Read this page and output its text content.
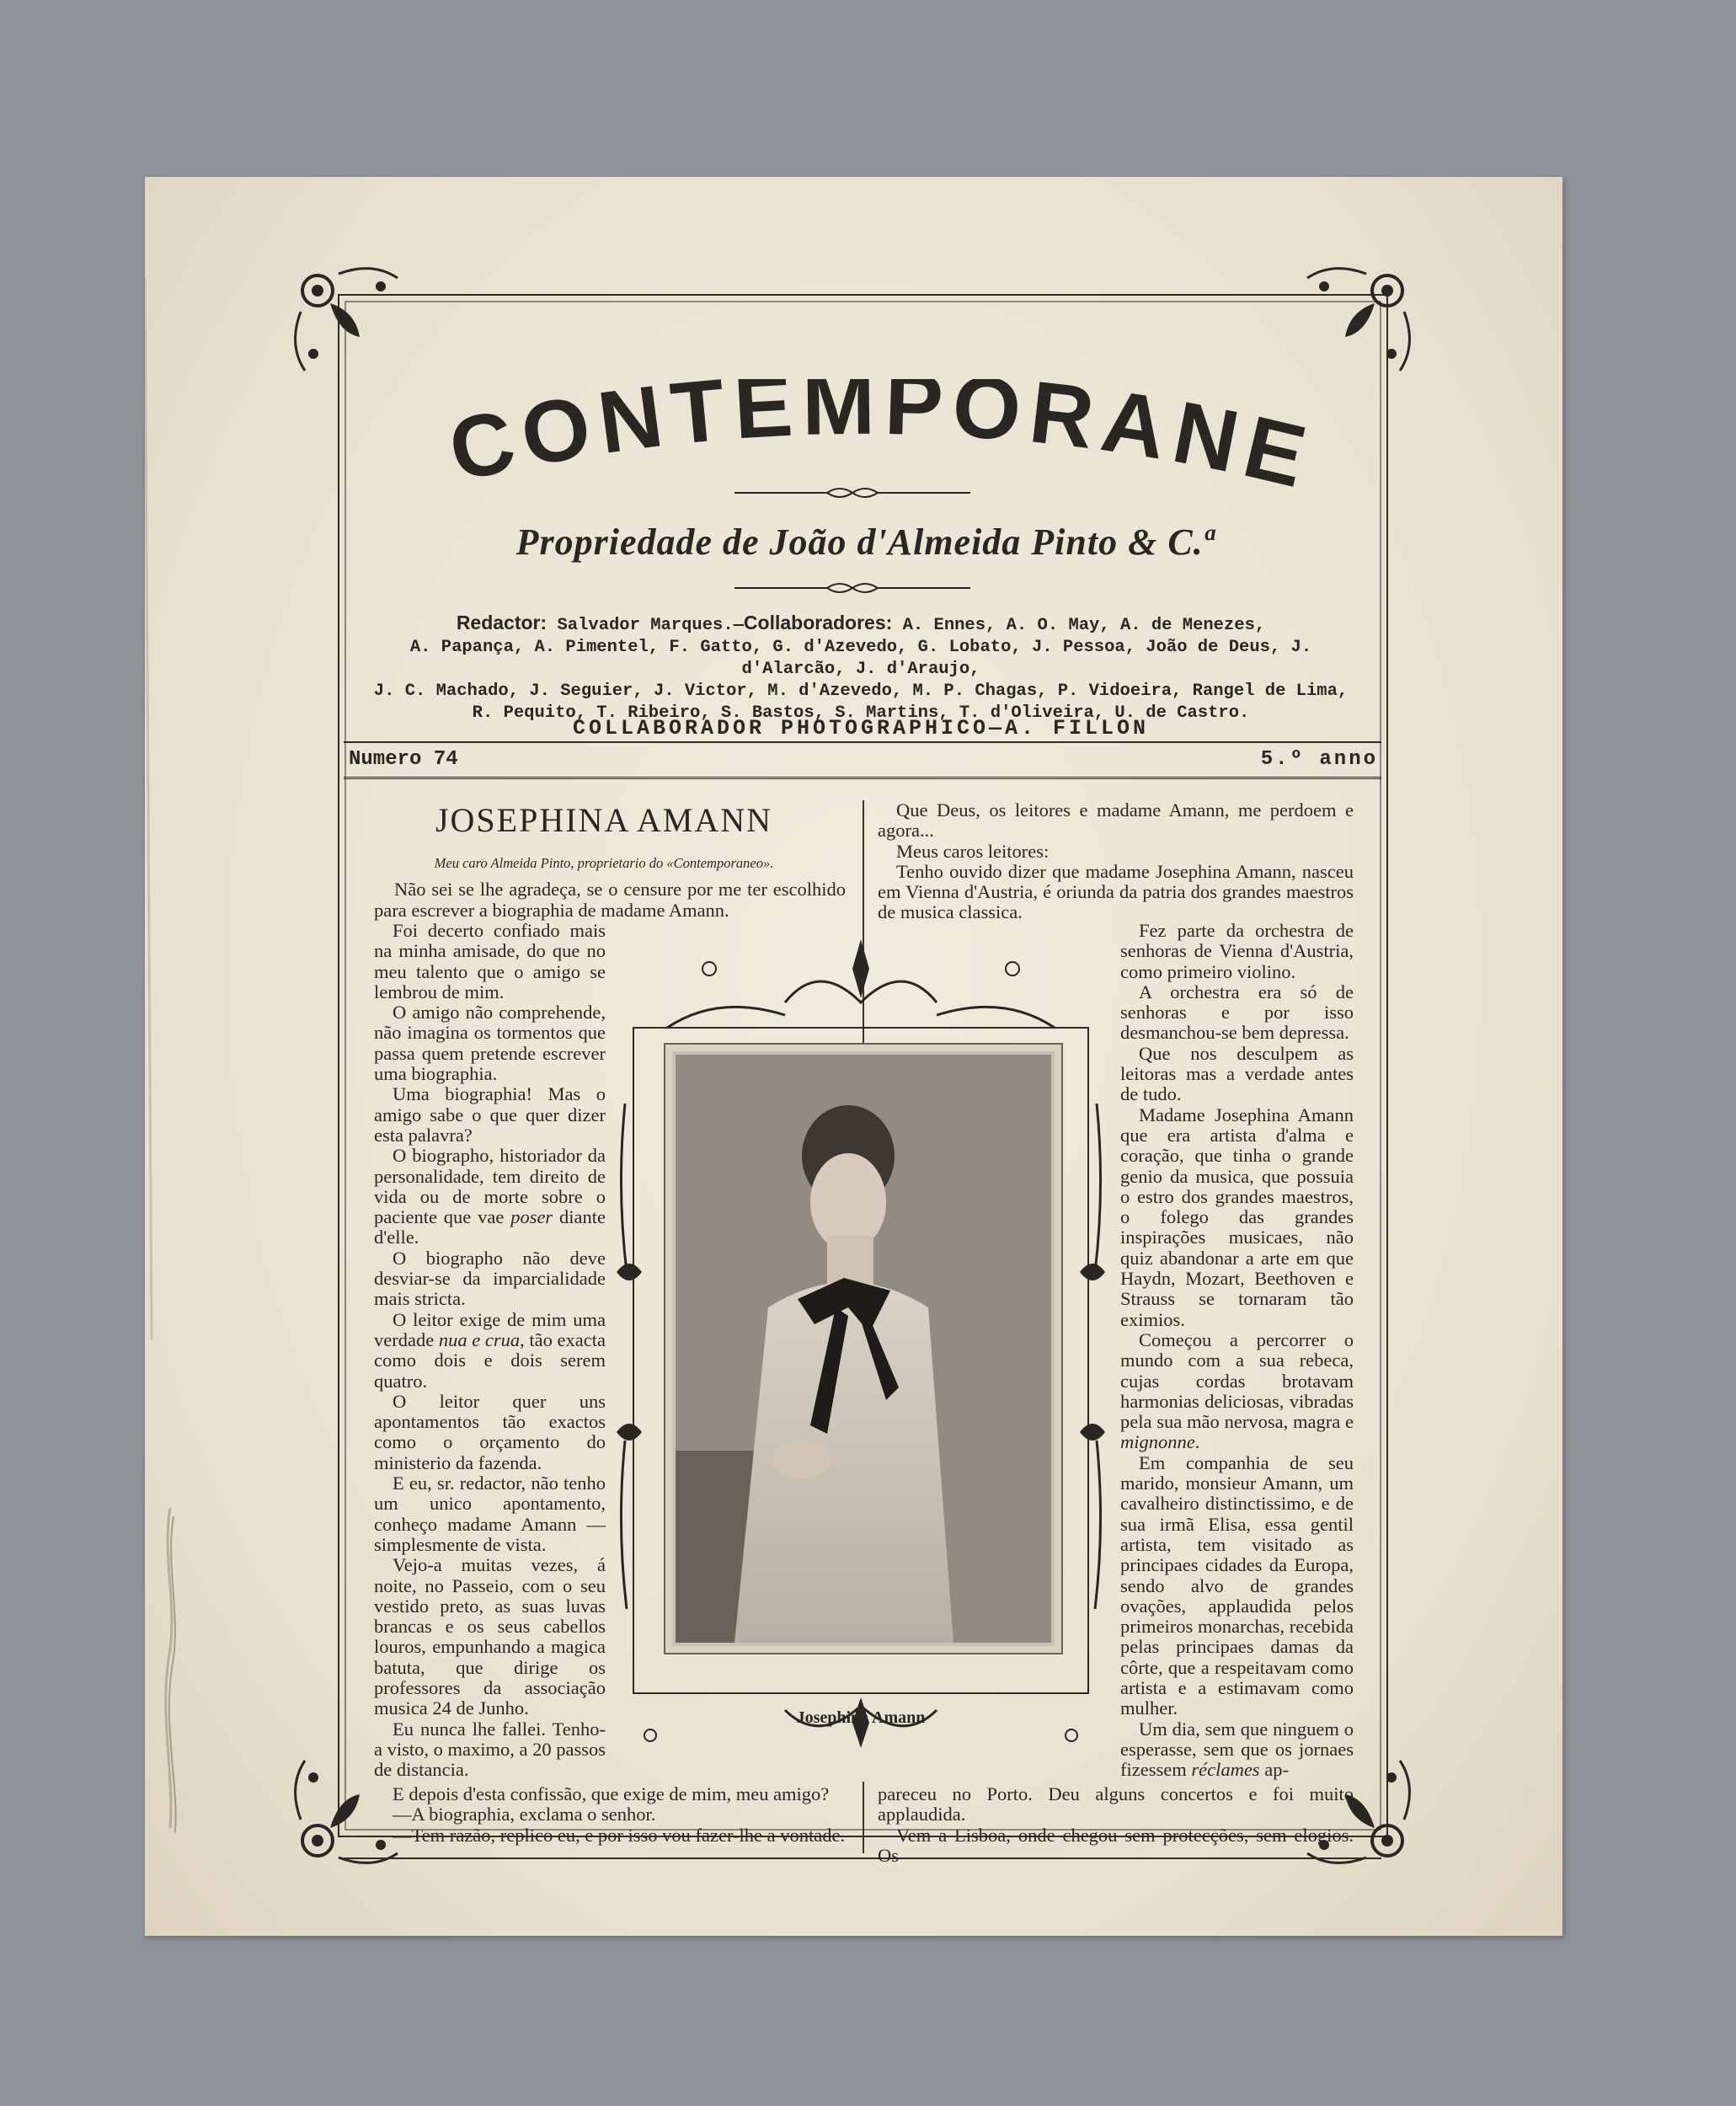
CONTEMPORANE
Propriedade de João d'Almeida Pinto & C.ª
Redactor: Salvador Marques.—Collaboradores: A. Ennes, A. O. May, A. de Menezes,
A. Papança, A. Pimentel, F. Gatto, G. d'Azevedo, G. Lobato, J. Pessoa, João de Deus, J. d'Alarcão, J. d'Araujo,
J. C. Machado, J. Seguier, J. Victor, M. d'Azevedo, M. P. Chagas, P. Vidoeira, Rangel de Lima,
R. Pequito, T. Ribeiro, S. Bastos, S. Martins, T. d'Oliveira, U. de Castro.
COLLABORADOR PHOTOGRAPHICO—A. FILLON
Numero 74	5.º anno
JOSEPHINA AMANN
Meu caro Almeida Pinto, proprietario do «Contemporaneo».

Não sei se lhe agradeça, se o censure por me ter escolhido para escrever a biographia de madame Amann.

Foi decerto confiado mais na minha amisade, do que no meu talento que o amigo se lembrou de mim.

O amigo não comprehende, não imagina os tormentos que passa quem pretende escrever uma biographia.

Uma biographia! Mas o amigo sabe o que quer dizer esta palavra?

O biographo, historiador da personalidade, tem direito de vida ou de morte sobre o paciente que vae poser diante d'elle.

O biographo não deve desviar-se da imparcialidade mais stricta.

O leitor exige de mim uma verdade nua e crua, tão exacta como dois e dois serem quatro.

O leitor quer uns apontamentos tão exactos como o orçamento do ministerio da fazenda.

E eu, sr. redactor, não tenho um unico apontamento, conheço madame Amann — simplesmente de vista.

Vejo-a muitas vezes, á noite, no Passeio, com o seu vestido preto, as suas luvas brancas e os seus cabellos louros, empunhando a magica batuta, que dirige os professores da associação musica 24 de Junho.

Eu nunca lhe fallei. Tenho-a visto, o maximo, a 20 passos de distancia.

E depois d'esta confissão, que exige de mim, meu amigo?

—A biographia, exclama o senhor.

—Tem razão, replico eu, e por isso vou fazer-lhe a vontade.

Que Deus, os leitores e madame Amann, me perdoem e agora...

Meus caros leitores:

Tenho ouvido dizer que madame Josephina Amann, nasceu em Vienna d'Austria, é oriunda da patria dos grandes maestros de musica classica.

Fez parte da orchestra de senhoras de Vienna d'Austria, como primeiro violino.

A orchestra era só de senhoras e por isso desmanchou-se bem depressa.

Que nos desculpem as leitoras mas a verdade antes de tudo.

Madame Josephina Amann que era artista d'alma e coração, que tinha o grande genio da musica, que possuia o estro dos grandes maestros, o folego das grandes inspirações musicaes, não quiz abandonar a arte em que Haydn, Mozart, Beethoven e Strauss se tornaram tão eximios.

Começou a percorrer o mundo com a sua rebeca, cujas cordas brotavam harmonias deliciosas, vibradas pela sua mão nervosa, magra e mignonne.

Em companhia de seu marido, monsieur Amann, um cavalheiro distinctissimo, e de sua irmã Elisa, essa gentil artista, tem visitado as principaes cidades da Europa, sendo alvo de grandes ovações, applaudida pelos primeiros monarchas, recebida pelas principaes damas da côrte, que a respeitavam como artista e a estimavam como mulher.

Um dia, sem que ninguem o esperasse, sem que os jornaes fizessem réclames ap-

pareceu no Porto. Deu alguns concertos e foi muito applaudida.

Vem a Lisboa, onde chegou sem protecções, sem elogios. Os

Josephina Amann
